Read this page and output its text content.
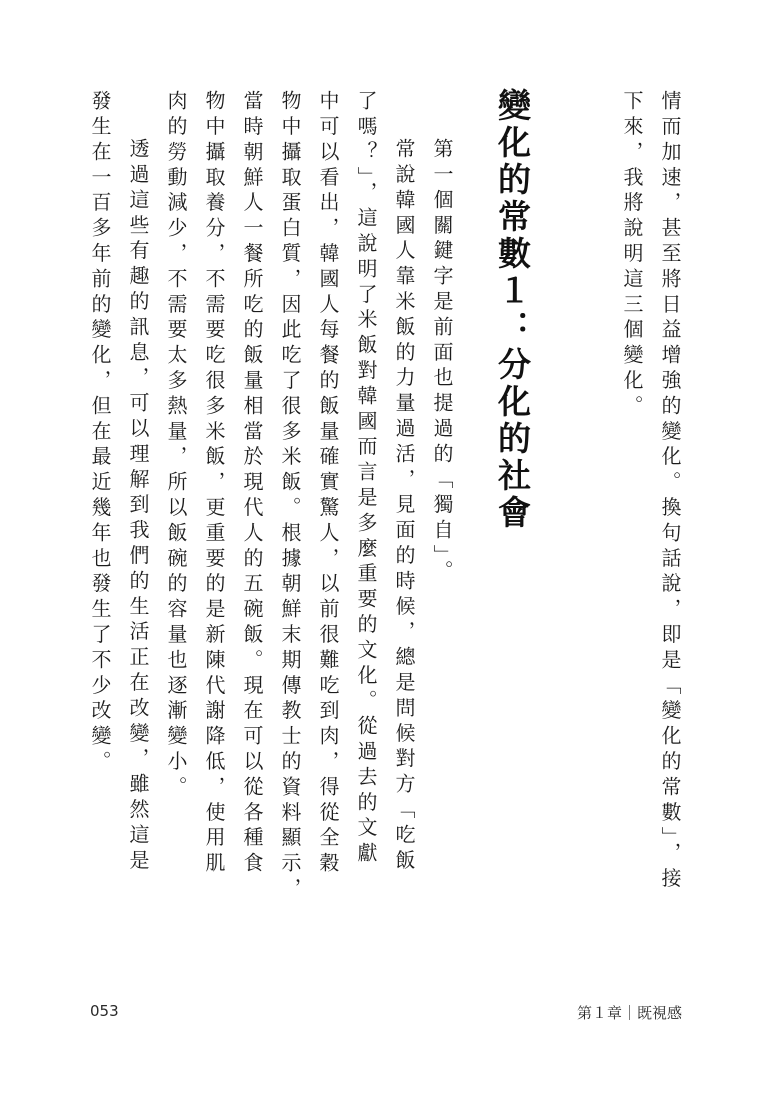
情而加速，甚至將日益增強的變化。換句話說，即是「變化的常數」，接
下來，我將說明這三個變化。
變化的常數１：分化的社會
第一個關鍵字是前面也提過的「獨自」。
常說韓國人靠米飯的力量過活，見面的時候，總是問候對方「吃飯
了嗎？」，這說明了米飯對韓國而言是多麼重要的文化。從過去的文獻
中可以看出，韓國人每餐的飯量確實驚人，以前很難吃到肉，得從全穀
物中攝取蛋白質，因此吃了很多米飯。根據朝鮮末期傳教士的資料顯示，
當時朝鮮人一餐所吃的飯量相當於現代人的五碗飯。現在可以從各種食
物中攝取養分，不需要吃很多米飯，更重要的是新陳代謝降低，使用肌
肉的勞動減少，不需要太多熱量，所以飯碗的容量也逐漸變小。
透過這些有趣的訊息，可以理解到我們的生活正在改變，雖然這是
發生在一百多年前的變化，但在最近幾年也發生了不少改變。
053	第１章｜既視感
